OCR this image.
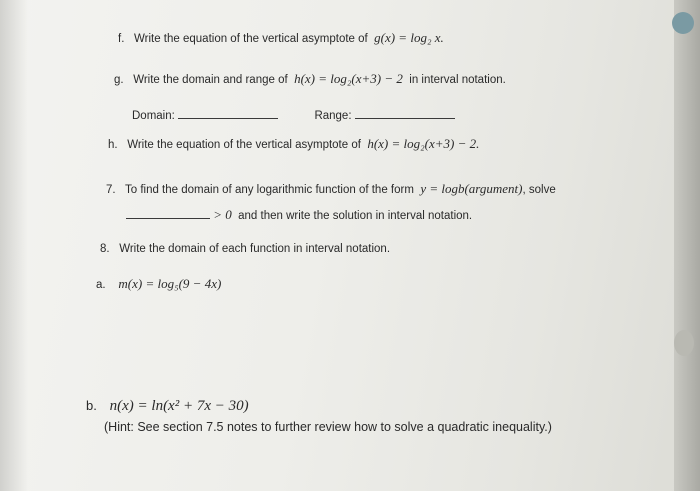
f. Write the equation of the vertical asymptote of g(x) = log₂ x.
g. Write the domain and range of h(x) = log₂(x+3) − 2 in interval notation.
Domain:	Range:
h. Write the equation of the vertical asymptote of h(x) = log₂(x+3) − 2.
7. To find the domain of any logarithmic function of the form y = logb(argument), solve
> 0 and then write the solution in interval notation.
8. Write the domain of each function in interval notation.
a. m(x) = log₅(9 − 4x)
b. n(x) = ln(x² + 7x − 30)
(Hint: See section 7.5 notes to further review how to solve a quadratic inequality.)
